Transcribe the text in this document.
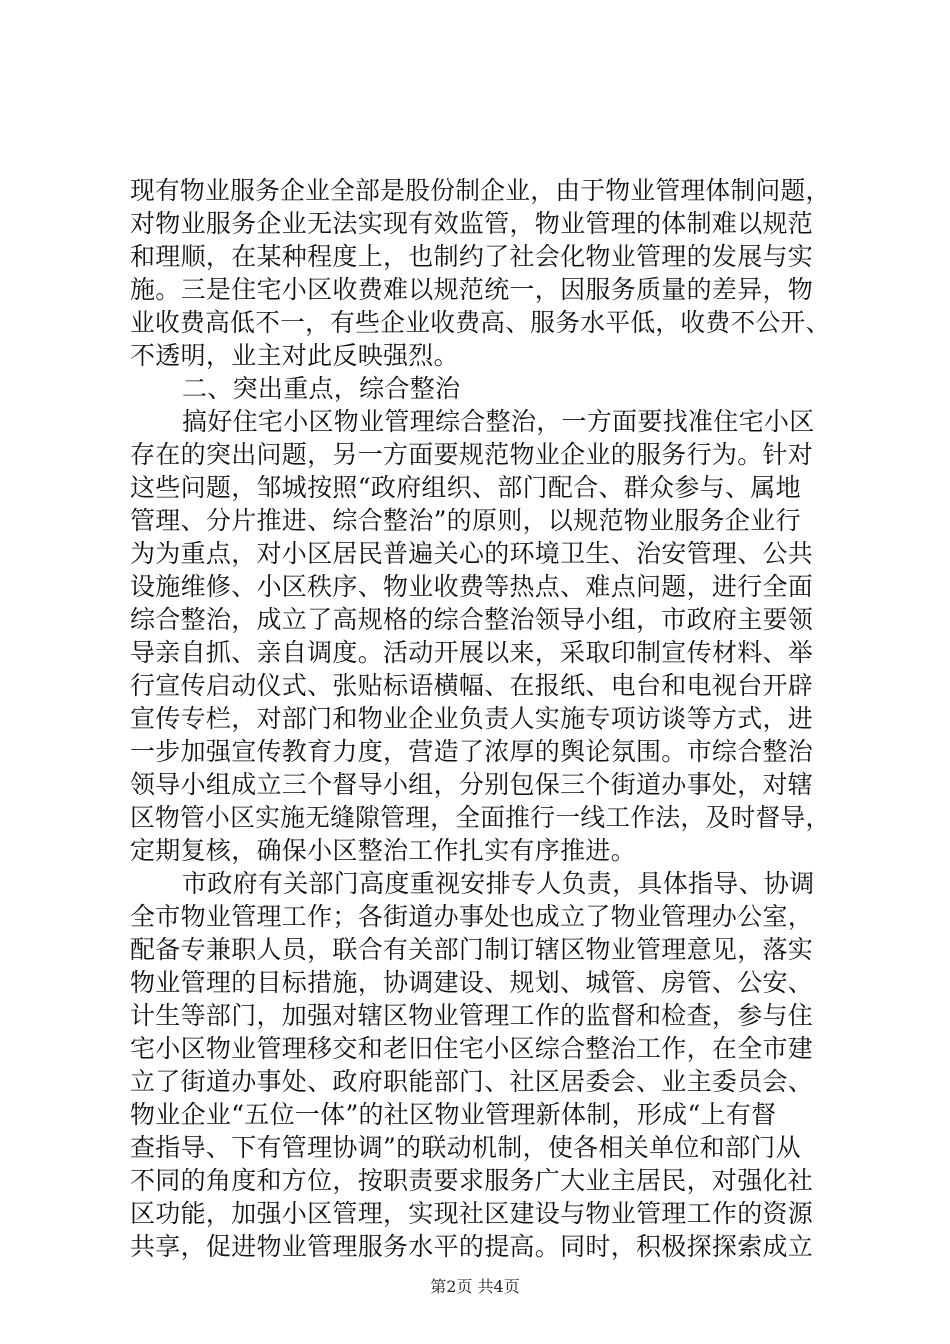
现有物业服务企业全部是股份制企业，由于物业管理体制问题，
对物业服务企业无法实现有效监管，物业管理的体制难以规范
和理顺，在某种程度上，也制约了社会化物业管理的发展与实
施。三是住宅小区收费难以规范统一，因服务质量的差异，物
业收费高低不一，有些企业收费高、服务水平低，收费不公开、
不透明，业主对此反映强烈。
二、突出重点，综合整治
搞好住宅小区物业管理综合整治，一方面要找准住宅小区
存在的突出问题，另一方面要规范物业企业的服务行为。针对
这些问题，邹城按照“政府组织、部门配合、群众参与、属地
管理、分片推进、综合整治”的原则，以规范物业服务企业行
为为重点，对小区居民普遍关心的环境卫生、治安管理、公共
设施维修、小区秩序、物业收费等热点、难点问题，进行全面
综合整治，成立了高规格的综合整治领导小组，市政府主要领
导亲自抓、亲自调度。活动开展以来，采取印制宣传材料、举
行宣传启动仪式、张贴标语横幅、在报纸、电台和电视台开辟
宣传专栏，对部门和物业企业负责人实施专项访谈等方式，进
一步加强宣传教育力度，营造了浓厚的舆论氛围。市综合整治
领导小组成立三个督导小组，分别包保三个街道办事处，对辖
区物管小区实施无缝隙管理，全面推行一线工作法，及时督导，
定期复核，确保小区整治工作扎实有序推进。
市政府有关部门高度重视安排专人负责，具体指导、协调
全市物业管理工作；各街道办事处也成立了物业管理办公室，
配备专兼职人员，联合有关部门制订辖区物业管理意见，落实
物业管理的目标措施，协调建设、规划、城管、房管、公安、
计生等部门，加强对辖区物业管理工作的监督和检查，参与住
宅小区物业管理移交和老旧住宅小区综合整治工作，在全市建
立了街道办事处、政府职能部门、社区居委会、业主委员会、
物业企业“五位一体”的社区物业管理新体制，形成“上有督
查指导、下有管理协调”的联动机制，使各相关单位和部门从
不同的角度和方位，按职责要求服务广大业主居民，对强化社
区功能，加强小区管理，实现社区建设与物业管理工作的资源
共享，促进物业管理服务水平的提高。同时，积极探探索成立
第2页 共4页
